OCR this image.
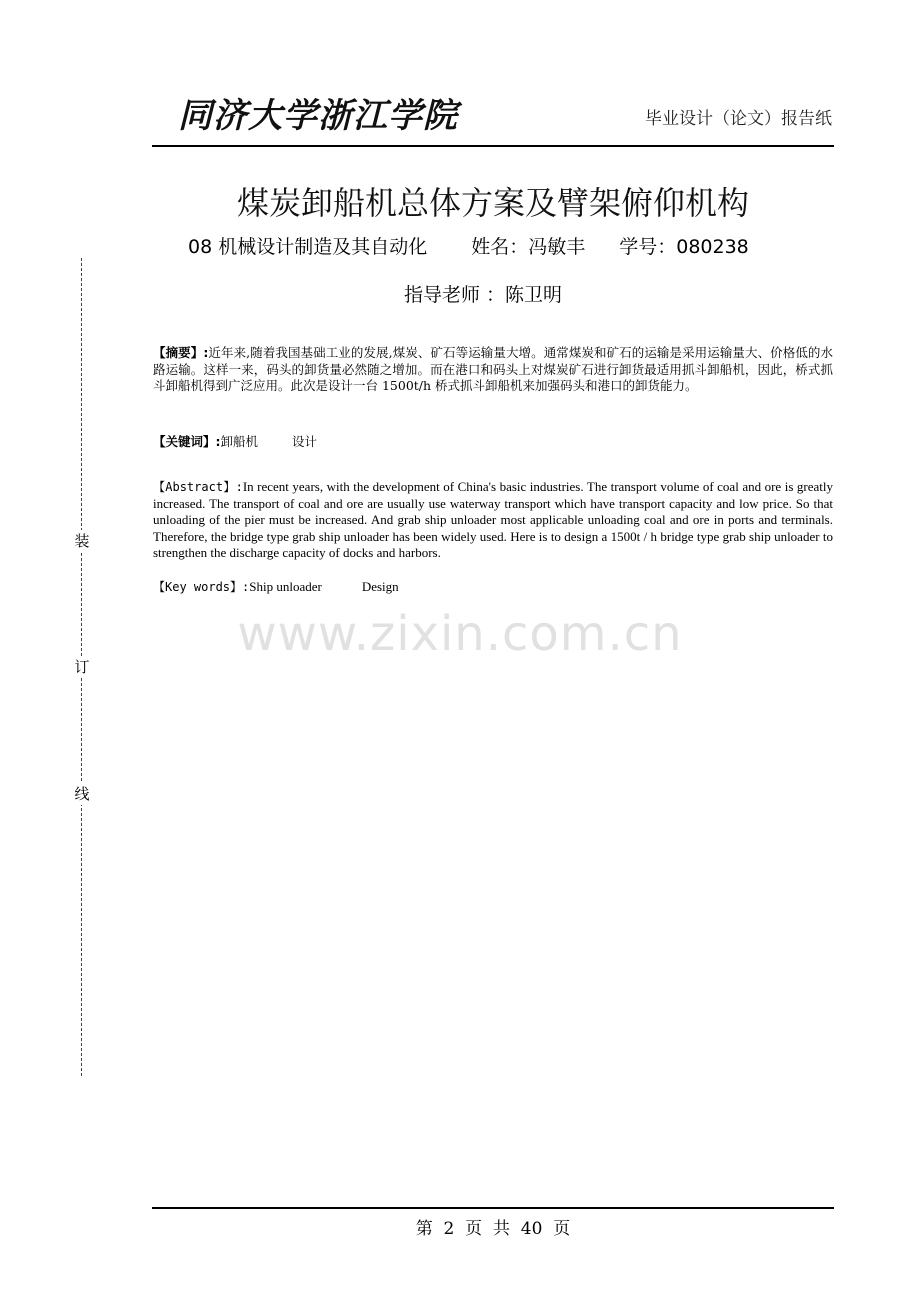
同济大学浙江学院	毕业设计（论文）报告纸
煤炭卸船机总体方案及臂架俯仰机构
08 机械设计制造及其自动化 姓名：冯敏丰 学号：080238
指导老师 ：陈卫明
【摘要】:近年来,随着我国基础工业的发展,煤炭、矿石等运输量大增。通常煤炭和矿石的运输是采用运输量大、价格低的水路运输。这样一来，码头的卸货量必然随之增加。而在港口和码头上对煤炭矿石进行卸货最适用抓斗卸船机，因此，桥式抓斗卸船机得到广泛应用。此次是设计一台 1500t/h 桥式抓斗卸船机来加强码头和港口的卸货能力。
【关键词】:卸船机	设计
【Abstract】:In recent years, with the development of China's basic industries. The transport volume of coal and ore is greatly increased. The transport of coal and ore are usually use waterway transport which have transport capacity and low price. So that unloading of the pier must be increased. And grab ship unloader most applicable unloading coal and ore in ports and terminals. Therefore, the bridge type grab ship unloader has been widely used. Here is to design a 1500t / h bridge type grab ship unloader to strengthen the discharge capacity of docks and harbors.
【Key words】:Ship unloader	Design
www.zixin.com.cn
装
订
线
第  2  页  共  40  页
